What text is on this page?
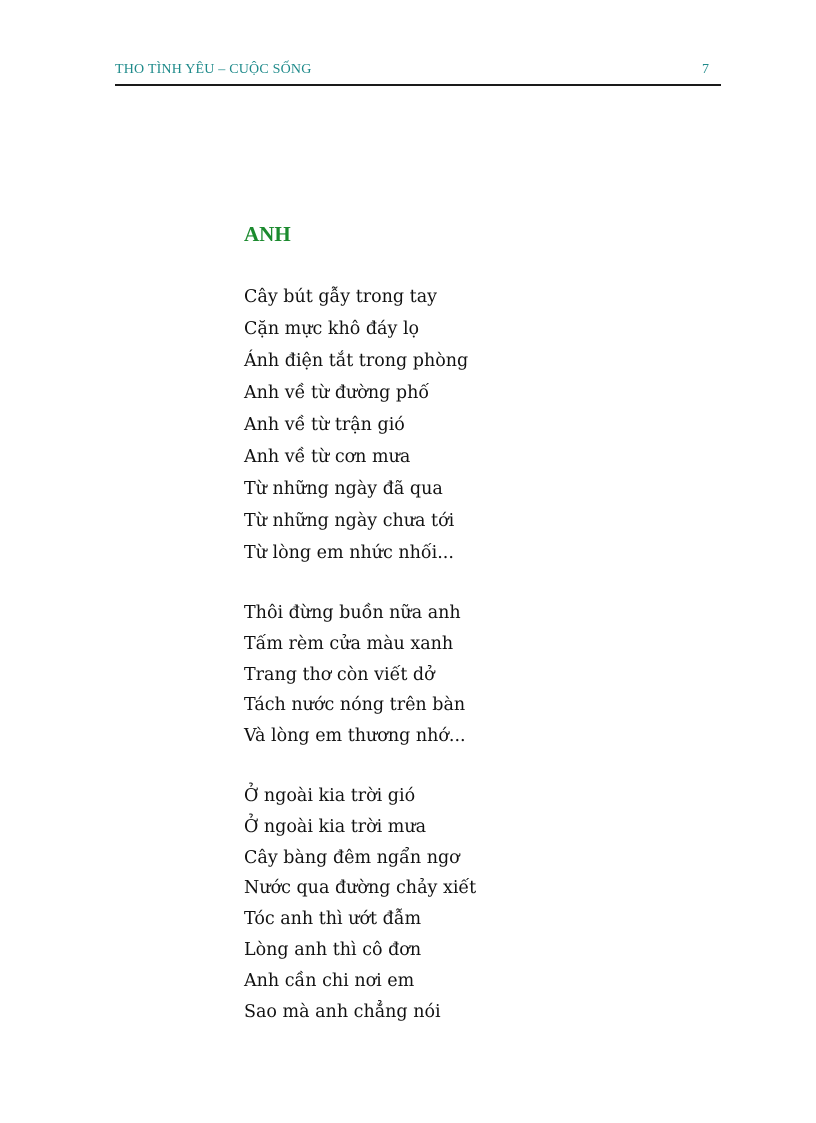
THO TÌNH YÊU – CUỘC SỐNG	7
ANH
Cây bút gẫy trong tay
Cặn mực khô đáy lọ
Ánh điện tắt trong phòng
Anh về từ đường phố
Anh về từ trận gió
Anh về từ cơn mưa
Từ những ngày đã qua
Từ những ngày chưa tới
Từ lòng em nhức nhối...
Thôi đừng buồn nữa anh
Tấm rèm cửa màu xanh
Trang thơ còn viết dở
Tách nước nóng trên bàn
Và lòng em thương nhớ...
Ở ngoài kia trời gió
Ở ngoài kia trời mưa
Cây bàng đêm ngẩn ngơ
Nước qua đường chảy xiết
Tóc anh thì ướt đẫm
Lòng anh thì cô đơn
Anh cần chi nơi em
Sao mà anh chẳng nói
